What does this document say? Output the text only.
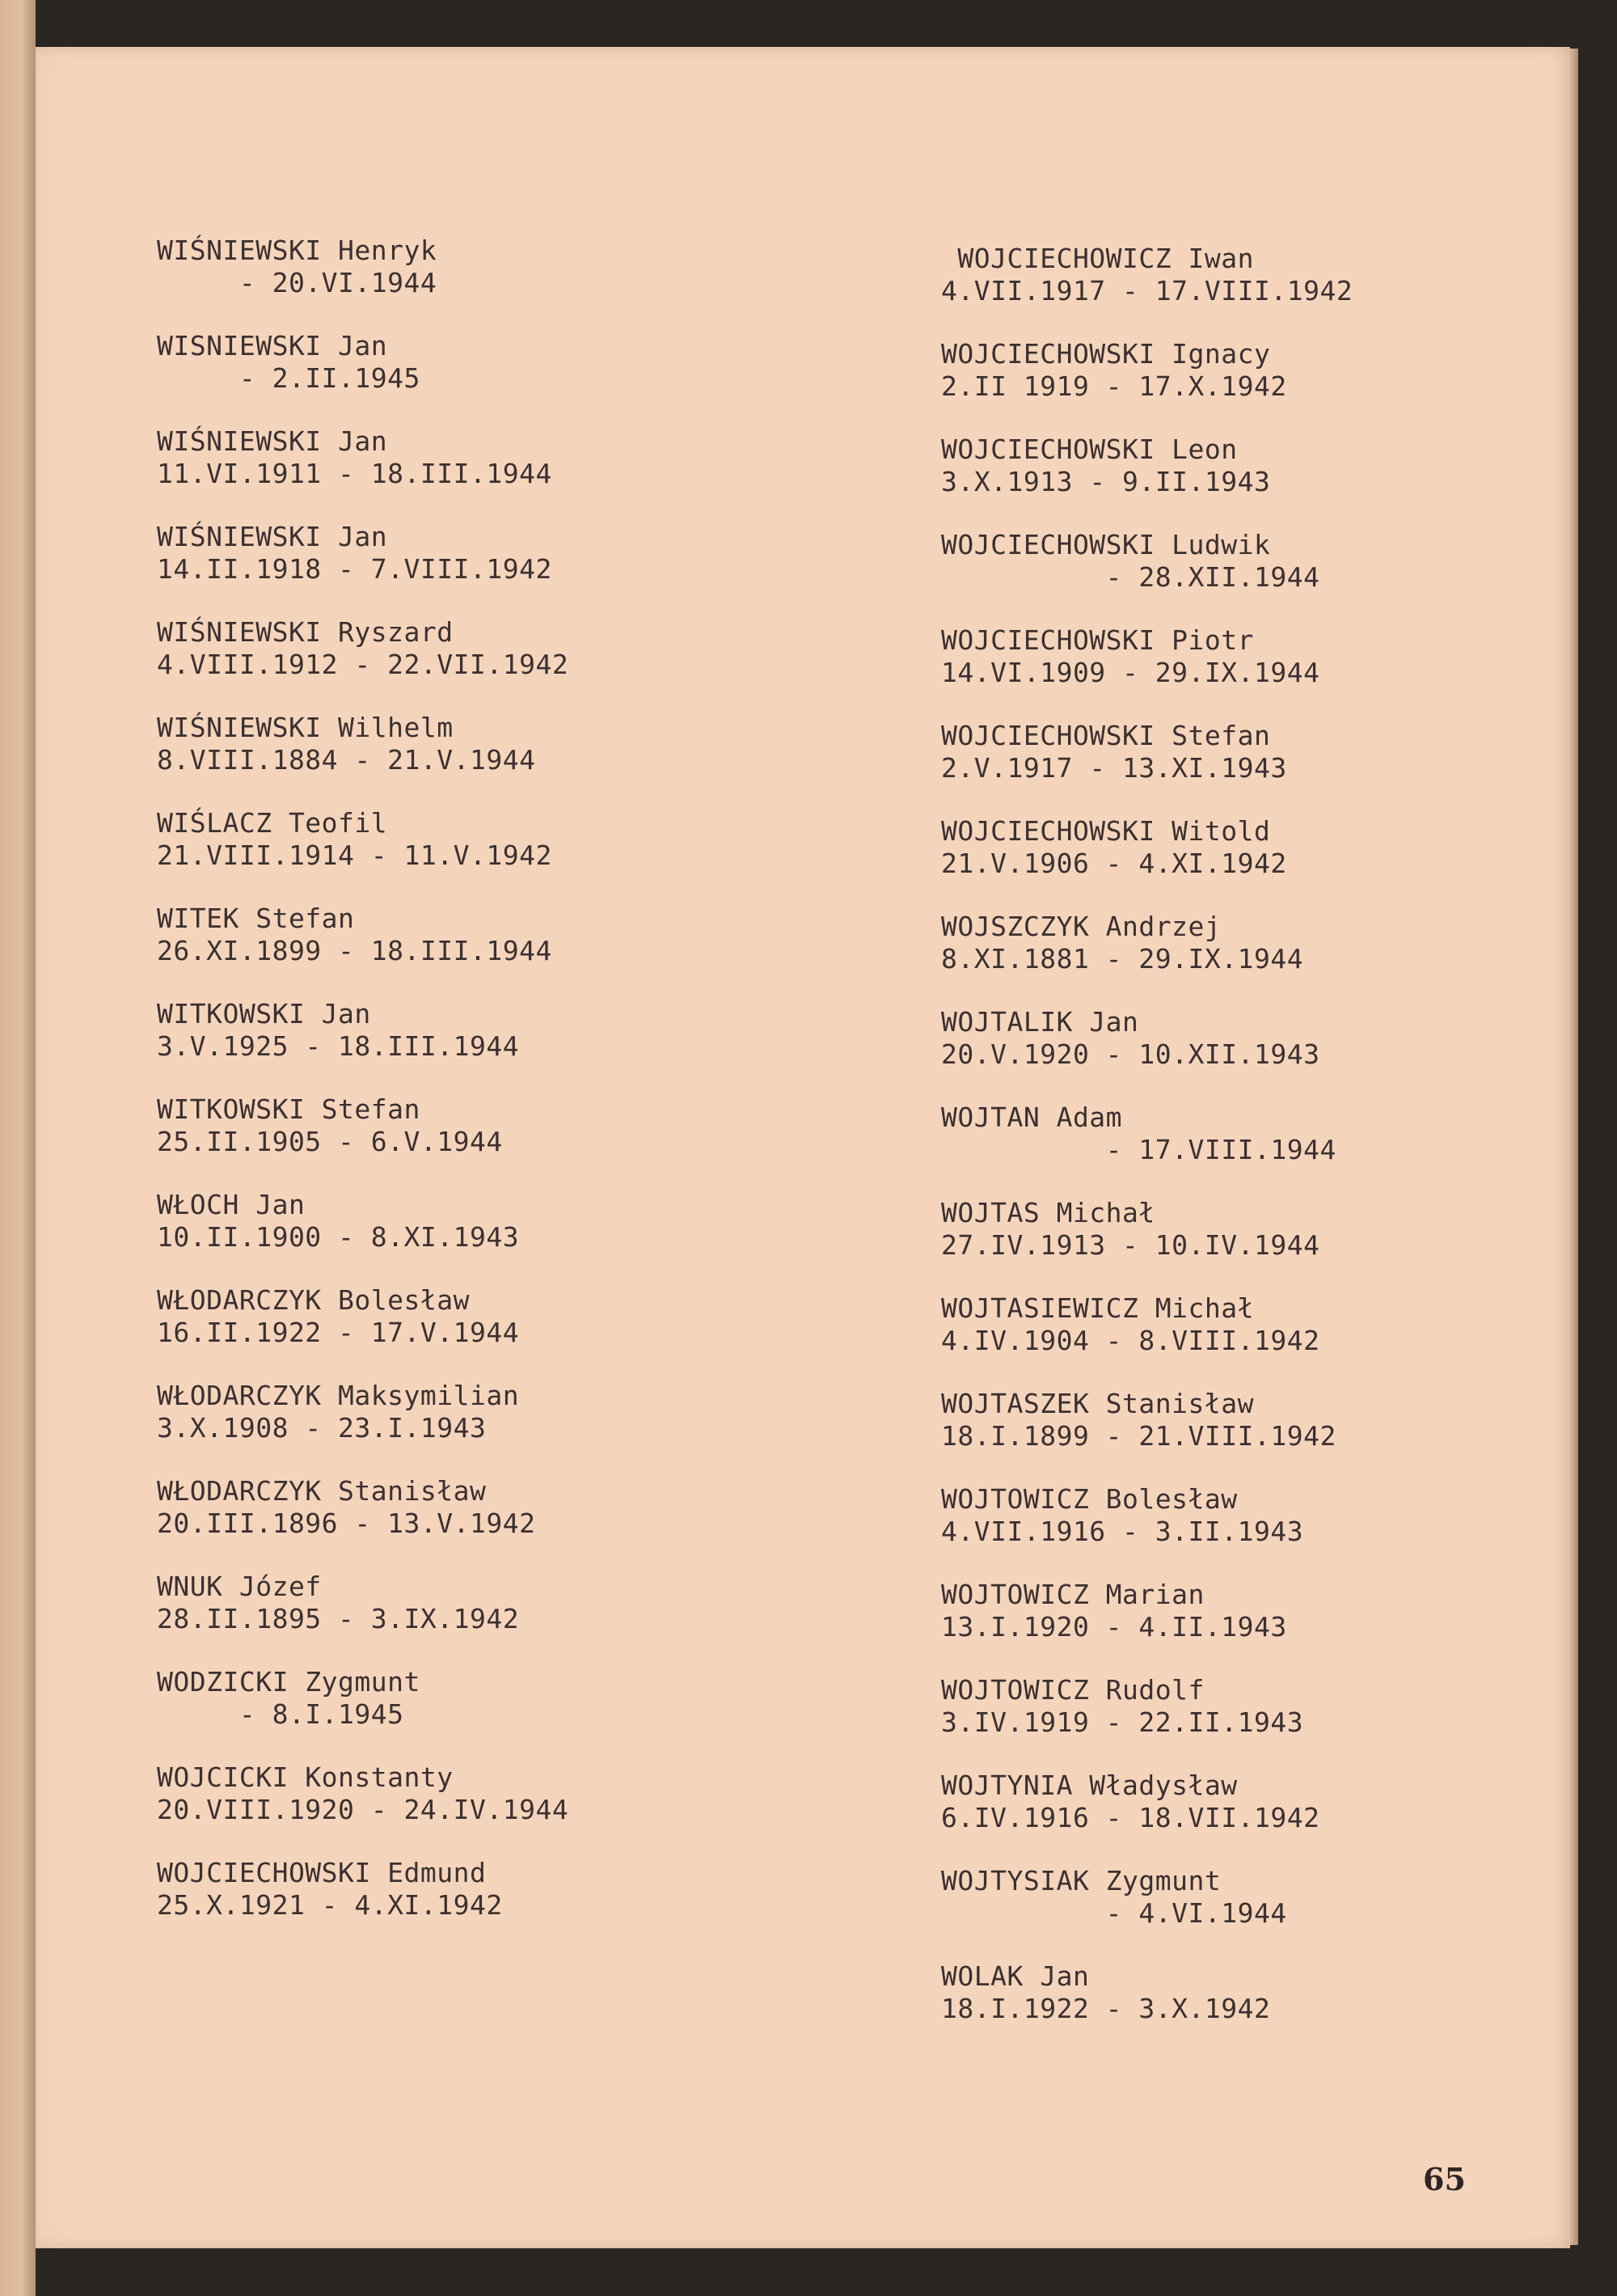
WIŚNIEWSKI Henryk
- 20.VI.1944
WISNIEWSKI Jan
- 2.II.1945
WIŚNIEWSKI Jan
11.VI.1911 - 18.III.1944
WIŚNIEWSKI Jan
14.II.1918 - 7.VIII.1942
WIŚNIEWSKI Ryszard
4.VIII.1912 - 22.VII.1942
WIŚNIEWSKI Wilhelm
8.VIII.1884 - 21.V.1944
WIŚLACZ Teofil
21.VIII.1914 - 11.V.1942
WITEK Stefan
26.XI.1899 - 18.III.1944
WITKOWSKI Jan
3.V.1925 - 18.III.1944
WITKOWSKI Stefan
25.II.1905 - 6.V.1944
WŁOCH Jan
10.II.1900 - 8.XI.1943
WŁODARCZYK Bolesław
16.II.1922 - 17.V.1944
WŁODARCZYK Maksymilian
3.X.1908 - 23.I.1943
WŁODARCZYK Stanisław
20.III.1896 - 13.V.1942
WNUK Józef
28.II.1895 - 3.IX.1942
WODZICKI Zygmunt
- 8.I.1945
WOJCICKI Konstanty
20.VIII.1920 - 24.IV.1944
WOJCIECHOWSKI Edmund
25.X.1921 - 4.XI.1942
WOJCIECHOWICZ Iwan
4.VII.1917 - 17.VIII.1942
WOJCIECHOWSKI Ignacy
2.II 1919 - 17.X.1942
WOJCIECHOWSKI Leon
3.X.1913 - 9.II.1943
WOJCIECHOWSKI Ludwik
- 28.XII.1944
WOJCIECHOWSKI Piotr
14.VI.1909 - 29.IX.1944
WOJCIECHOWSKI Stefan
2.V.1917 - 13.XI.1943
WOJCIECHOWSKI Witold
21.V.1906 - 4.XI.1942
WOJSZCZYK Andrzej
8.XI.1881 - 29.IX.1944
WOJTALIK Jan
20.V.1920 - 10.XII.1943
WOJTAN Adam
- 17.VIII.1944
WOJTAS Michał
27.IV.1913 - 10.IV.1944
WOJTASIEWICZ Michał
4.IV.1904 - 8.VIII.1942
WOJTASZEK Stanisław
18.I.1899 - 21.VIII.1942
WOJTOWICZ Bolesław
4.VII.1916 - 3.II.1943
WOJTOWICZ Marian
13.I.1920 - 4.II.1943
WOJTOWICZ Rudolf
3.IV.1919 - 22.II.1943
WOJTYNIA Władysław
6.IV.1916 - 18.VII.1942
WOJTYSIAK Zygmunt
- 4.VI.1944
WOLAK Jan
18.I.1922 - 3.X.1942
65
